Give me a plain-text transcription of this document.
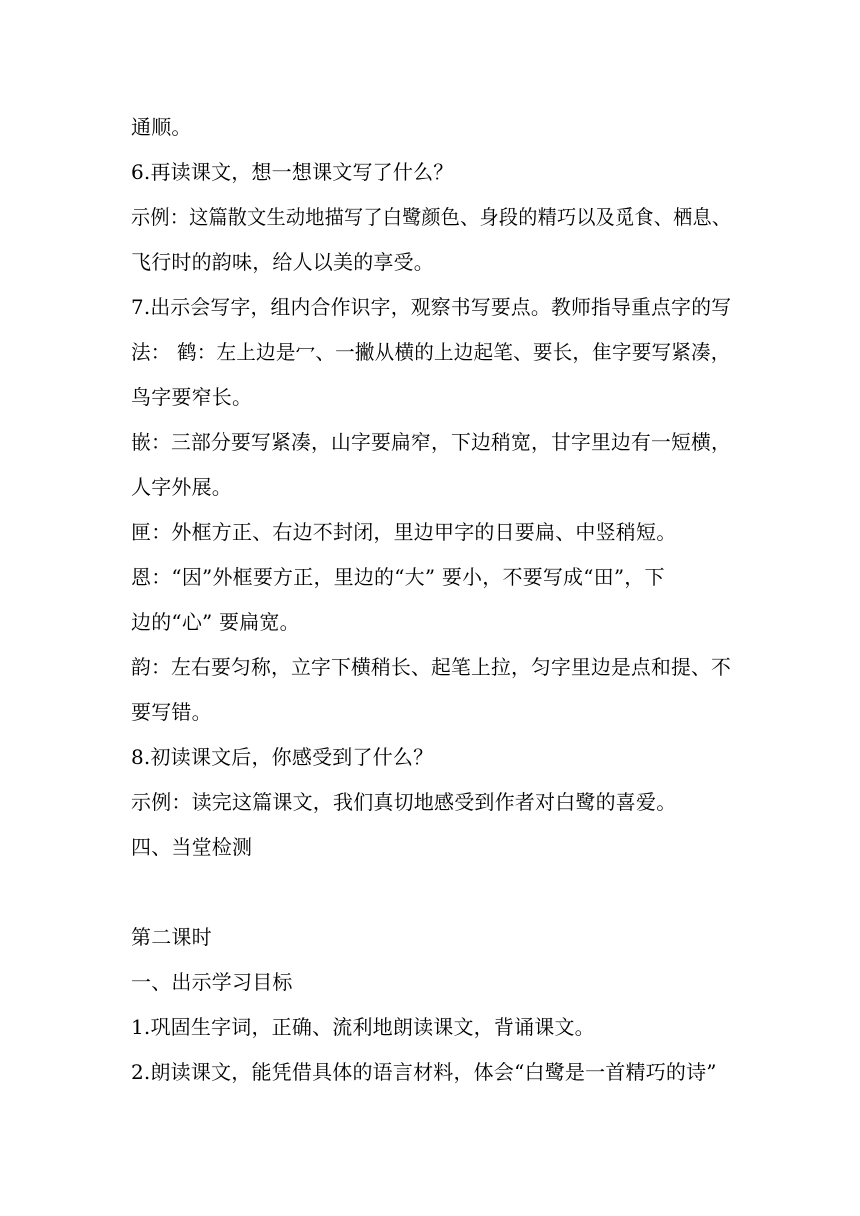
通顺。
6.再读课文，想一想课文写了什么？
示例：这篇散文生动地描写了白鹭颜色、身段的精巧以及觅食、栖息、
飞行时的韵味，给人以美的享受。
7.出示会写字，组内合作识字，观察书写要点。教师指导重点字的写
法： 鹤：左上边是冖、一撇从横的上边起笔、要长，隹字要写紧凑，
鸟字要窄长。
嵌：三部分要写紧凑，山字要扁窄，下边稍宽，甘字里边有一短横，
人字外展。
匣：外框方正、右边不封闭，里边甲字的日要扁、中竖稍短。
恩：“因”外框要方正，里边的“大” 要小，不要写成“田”，下
边的“心” 要扁宽。
韵：左右要匀称，立字下横稍长、起笔上拉，匀字里边是点和提、不
要写错。
8.初读课文后，你感受到了什么？
示例：读完这篇课文，我们真切地感受到作者对白鹭的喜爱。
四、当堂检测
第二课时
一、出示学习目标
1.巩固生字词，正确、流利地朗读课文，背诵课文。
2.朗读课文，能凭借具体的语言材料，体会“白鹭是一首精巧的诗”
